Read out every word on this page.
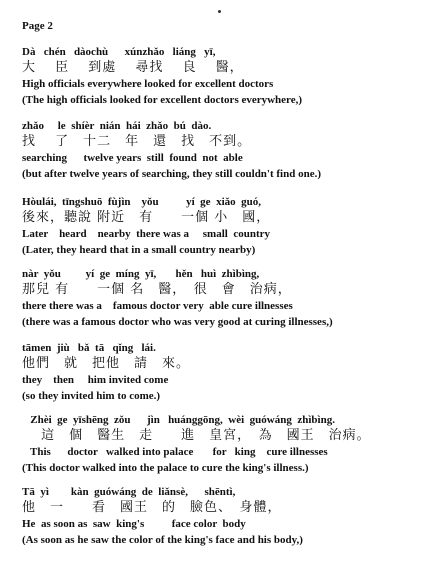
Page 2
Dà   chén   dàochù      xúnzhǎo   liáng   yī,
大　 臣　 到處　 尋找　 良　 醫，
High officials everywhere looked for excellent doctors
(The high officials looked for excellent doctors everywhere,)
zhǎo     le  shíèr  nián  hái  zhǎo  bú  dào.
找　 了　十二　年　還　找　不到。
searching      twelve years  still  found  not  able
(but after twelve years of searching, they still couldn't find one.)
Hòulái,  tīngshuō  fùjìn    yǒu          yí  ge  xiǎo  guó,
後來，聽說 附近　有　　一個 小　國，
Later    heard    nearby  there was a     small  country
(Later, they heard that in a small country nearby)
nàr  yǒu         yí  ge  míng  yī,       hěn   huì  zhìbìng,
那兒 有　　一個 名　醫，　很　會　治病，
there there was a    famous doctor very  able cure illnesses
(there was a famous doctor who was very good at curing illnesses,)
tāmen  jiù   bǎ  tā   qǐng   lái.
他們　就　把他　請　來。
they    then     him invited come
(so they invited him to come.)
Zhèi  ge  yīshēng  zǒu      jìn   huánggōng,  wèi  guówáng  zhìbìng.
　 這　個　醫生　走　　進　皇宮，　為　國王　治病。
This      doctor   walked into palace       for   king    cure illnesses
(This doctor walked into the palace to cure the king's illness.)
Tā  yì        kàn  guówáng  de  liǎnsè,      shēntì,
他　一　　看　國王　的　臉色、　身體，
He  as soon as  saw  king's          face color  body
(As soon as he saw the color of the king's face and his body,)
